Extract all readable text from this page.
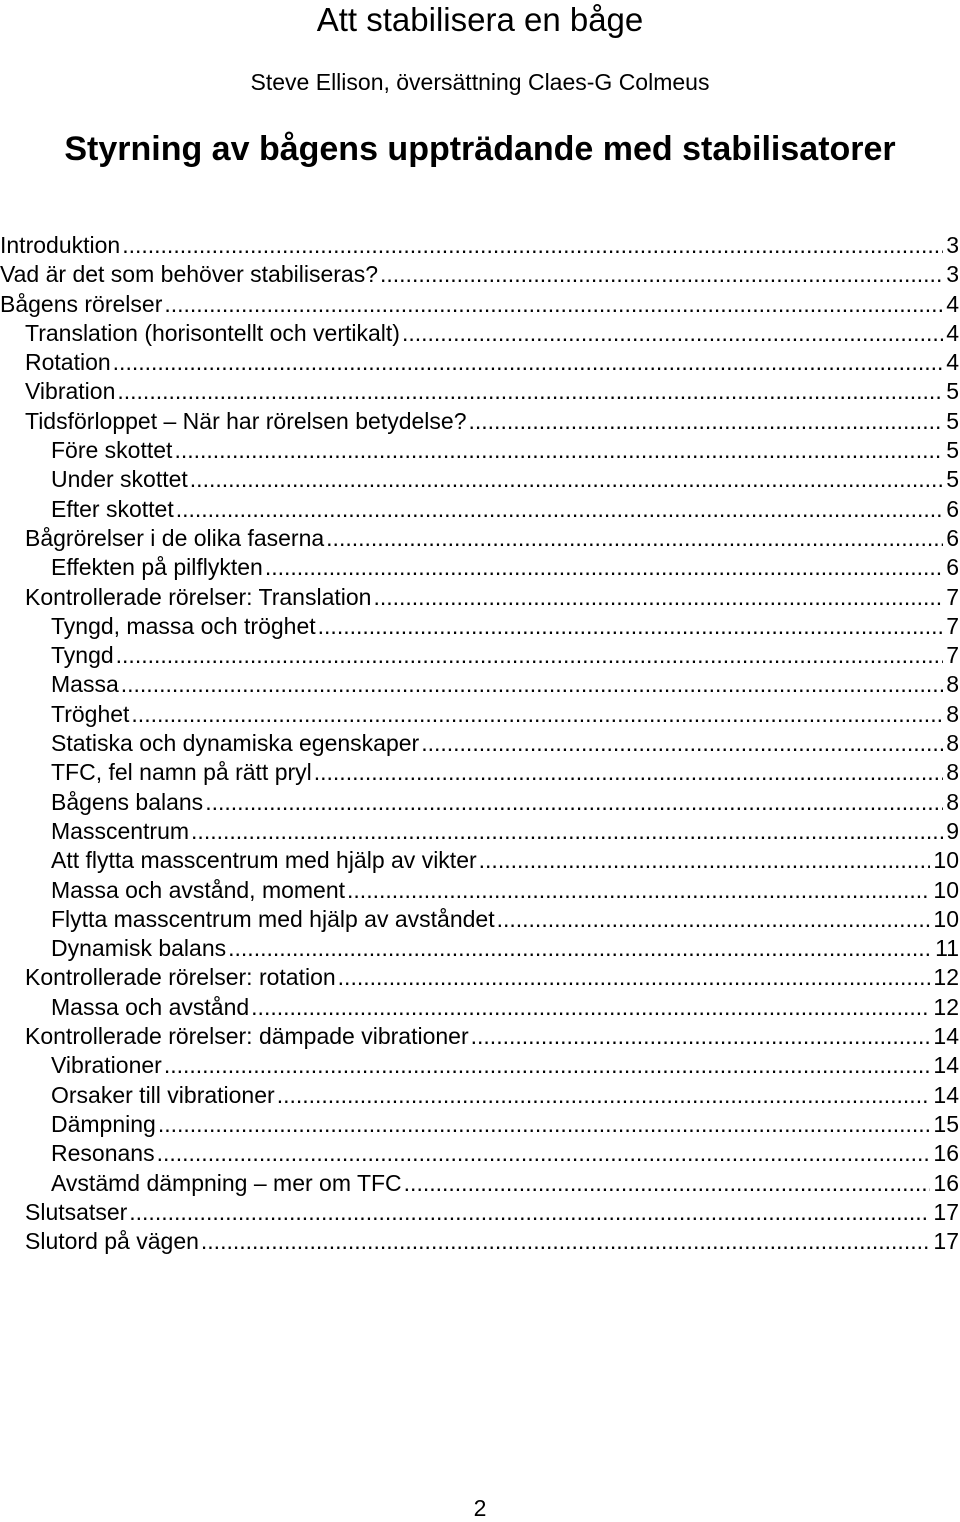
Att stabilisera en båge
Steve Ellison, översättning Claes-G Colmeus
Styrning av bågens uppträdande med stabilisatorer
Introduktion .....	3
Vad är det som behöver stabiliseras? .....	3
Bågens rörelser .....	4
Translation (horisontellt och vertikalt) .....	4
Rotation .....	4
Vibration .....	5
Tidsförloppet – När har rörelsen betydelse? .....	5
Före skottet .....	5
Under skottet .....	5
Efter skottet .....	6
Bågrörelser i de olika faserna .....	6
Effekten på pilflykten .....	6
Kontrollerade rörelser: Translation .....	7
Tyngd, massa och tröghet .....	7
Tyngd .....	7
Massa .....	8
Tröghet .....	8
Statiska och dynamiska egenskaper .....	8
TFC, fel namn på rätt pryl .....	8
Bågens balans .....	8
Masscentrum .....	9
Att flytta masscentrum med hjälp av vikter .....	10
Massa och avstånd, moment .....	10
Flytta masscentrum med hjälp av avståndet .....	10
Dynamisk balans .....	11
Kontrollerade rörelser: rotation .....	12
Massa och avstånd .....	12
Kontrollerade rörelser: dämpade vibrationer .....	14
Vibrationer .....	14
Orsaker till vibrationer .....	14
Dämpning .....	15
Resonans .....	16
Avstämd dämpning – mer om TFC .....	16
Slutsatser .....	17
Slutord på vägen .....	17
2
